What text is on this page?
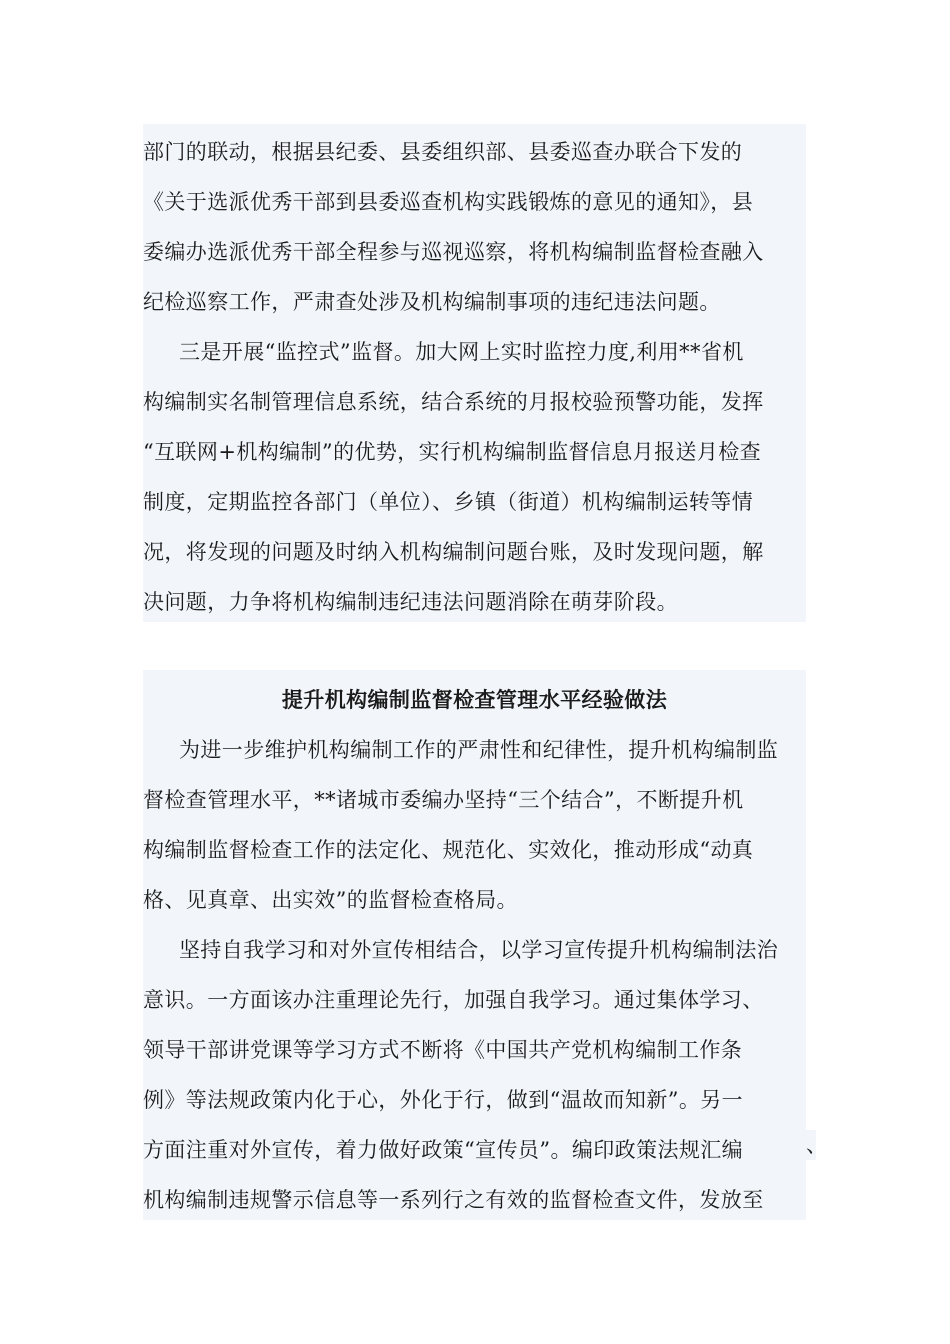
部门的联动，根据县纪委、县委组织部、县委巡查办联合下发的
《关于选派优秀干部到县委巡查机构实践锻炼的意见的通知》，县
委编办选派优秀干部全程参与巡视巡察，将机构编制监督检查融入
纪检巡察工作，严肃查处涉及机构编制事项的违纪违法问题。
三是开展“监控式”监督。加大网上实时监控力度,利用**省机
构编制实名制管理信息系统，结合系统的月报校验预警功能，发挥
“互联网+机构编制”的优势，实行机构编制监督信息月报送月检查
制度，定期监控各部门（单位）、乡镇（街道）机构编制运转等情
况，将发现的问题及时纳入机构编制问题台账，及时发现问题，解
决问题，力争将机构编制违纪违法问题消除在萌芽阶段。
提升机构编制监督检查管理水平经验做法
为进一步维护机构编制工作的严肃性和纪律性，提升机构编制监
督检查管理水平，**诸城市委编办坚持“三个结合”，不断提升机
构编制监督检查工作的法定化、规范化、实效化，推动形成“动真
格、见真章、出实效”的监督检查格局。
坚持自我学习和对外宣传相结合，以学习宣传提升机构编制法治
意识。一方面该办注重理论先行，加强自我学习。通过集体学习、
领导干部讲党课等学习方式不断将《中国共产党机构编制工作条
例》等法规政策内化于心，外化于行，做到“温故而知新”。另一
方面注重对外宣传，着力做好政策“宣传员”。编印政策法规汇编
机构编制违规警示信息等一系列行之有效的监督检查文件，发放至
、
